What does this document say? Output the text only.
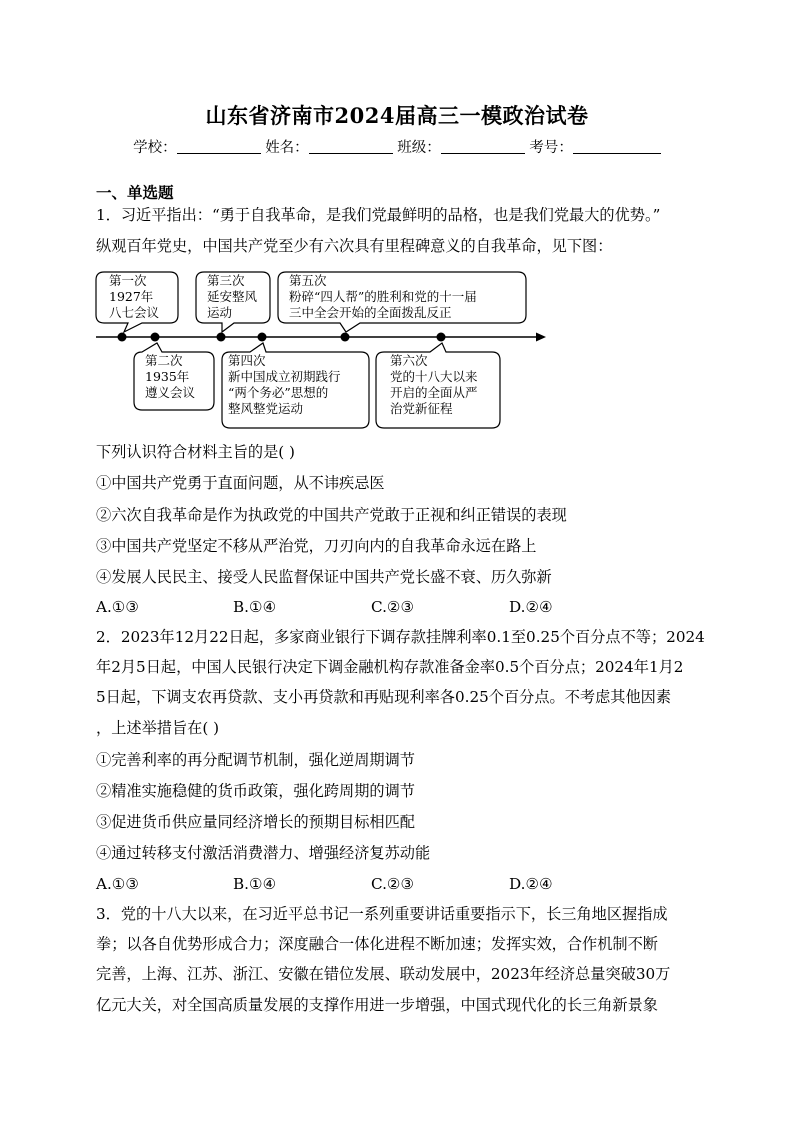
山东省济南市2024届高三一模政治试卷
学校：	姓名：	班级：	考号：
一、单选题
1．习近平指出：“勇于自我革命，是我们党最鲜明的品格，也是我们党最大的优势。”
纵观百年党史，中国共产党至少有六次具有里程碑意义的自我革命，见下图：
第一次
1927年
八七会议
第二次
1935年
遵义会议
第三次
延安整风
运动
第四次
新中国成立初期践行
“两个务必”思想的
整风整党运动
第五次
粉碎“四人帮”的胜利和党的十一届
三中全会开始的全面拨乱反正
第六次
党的十八大以来
开启的全面从严
治党新征程
下列认识符合材料主旨的是( )
①中国共产党勇于直面问题，从不讳疾忌医
②六次自我革命是作为执政党的中国共产党敢于正视和纠正错误的表现
③中国共产党坚定不移从严治党，刀刃向内的自我革命永远在路上
④发展人民民主、接受人民监督保证中国共产党长盛不衰、历久弥新
A.①③	B.①④	C.②③	D.②④
2．2023年12月22日起，多家商业银行下调存款挂牌利率0.1至0.25个百分点不等；2024
年2月5日起，中国人民银行决定下调金融机构存款准备金率0.5个百分点；2024年1月2
5日起，下调支农再贷款、支小再贷款和再贴现利率各0.25个百分点。不考虑其他因素
，上述举措旨在( )
①完善利率的再分配调节机制，强化逆周期调节
②精准实施稳健的货币政策，强化跨周期的调节
③促进货币供应量同经济增长的预期目标相匹配
④通过转移支付激活消费潜力、增强经济复苏动能
A.①③	B.①④	C.②③	D.②④
3．党的十八大以来，在习近平总书记一系列重要讲话重要指示下，长三角地区握指成
拳；以各自优势形成合力；深度融合一体化进程不断加速；发挥实效，合作机制不断
完善，上海、江苏、浙江、安徽在错位发展、联动发展中，2023年经济总量突破30万
亿元大关，对全国高质量发展的支撑作用进一步增强，中国式现代化的长三角新景象
